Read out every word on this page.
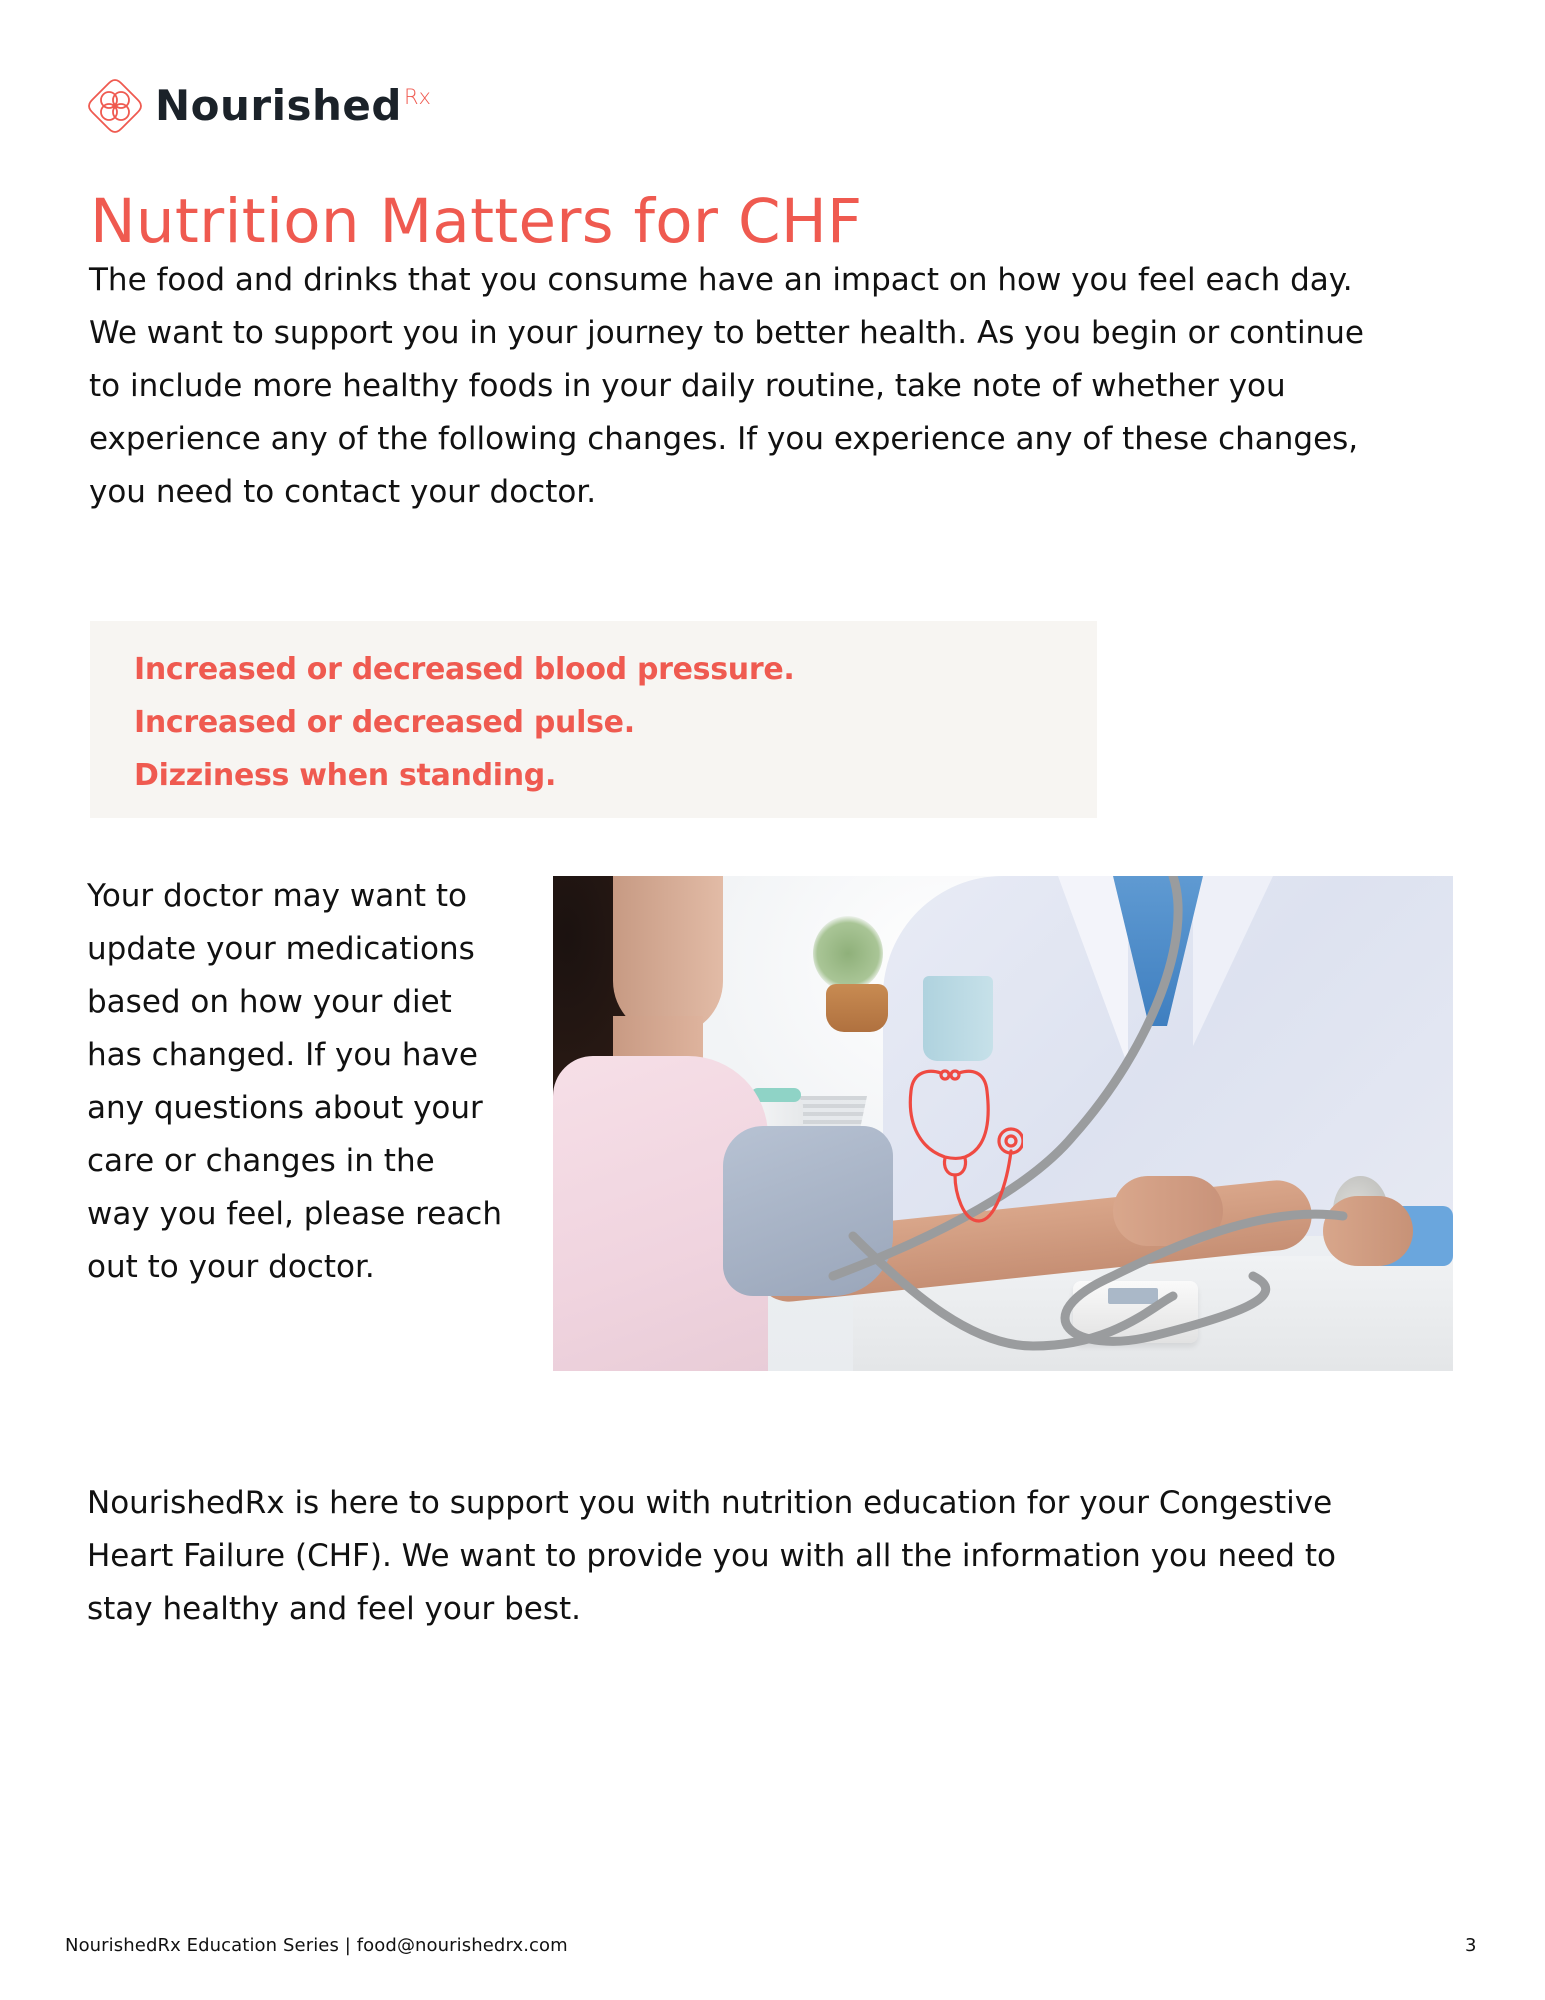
Nourished Rx
Nutrition Matters for CHF

The food and drinks that you consume have an impact on how you feel each day. We want to support you in your journey to better health. As you begin or continue to include more healthy foods in your daily routine, take note of whether you experience any of the following changes. If you experience any of these changes, you need to contact your doctor.

Increased or decreased blood pressure.
Increased or decreased pulse.
Dizziness when standing.

Your doctor may want to update your medications based on how your diet has changed. If you have any questions about your care or changes in the way you feel, please reach out to your doctor.

NourishedRx is here to support you with nutrition education for your Congestive Heart Failure (CHF). We want to provide you with all the information you need to stay healthy and feel your best.

NourishedRx Education Series | food@nourishedrx.com	3
